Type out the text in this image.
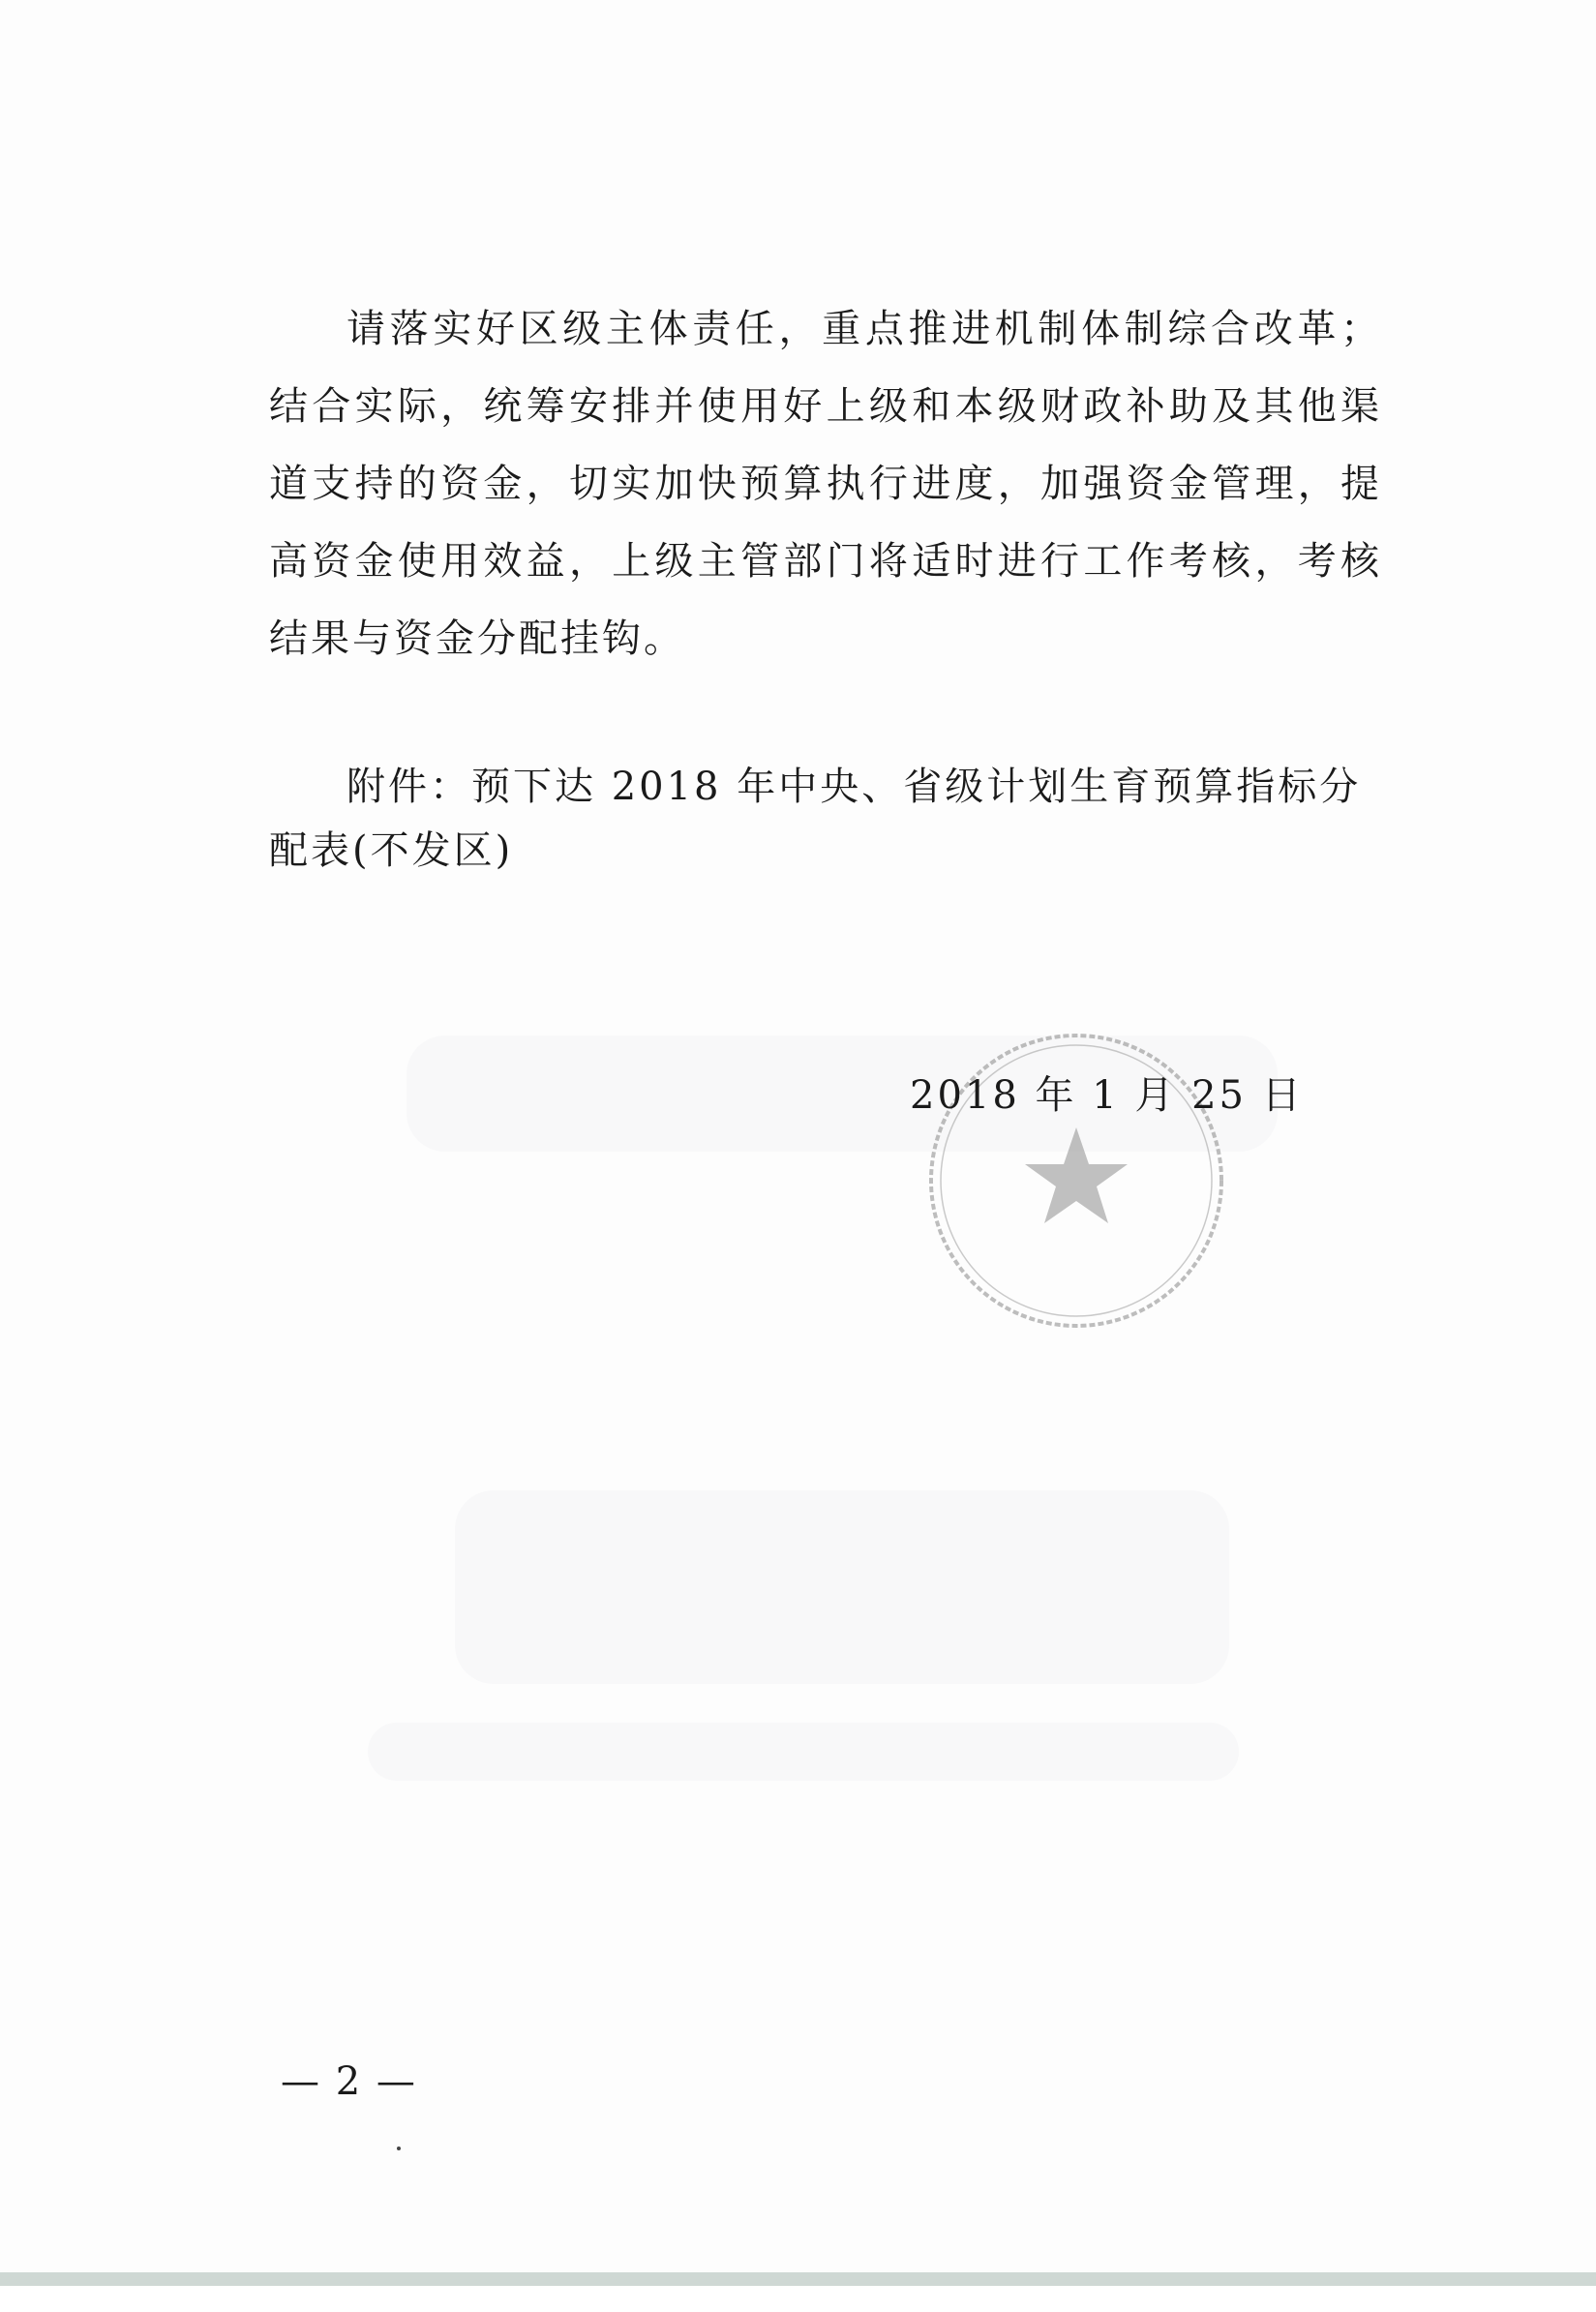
请落实好区级主体责任，重点推进机制体制综合改革；结合实际，统筹安排并使用好上级和本级财政补助及其他渠道支持的资金，切实加快预算执行进度，加强资金管理，提高资金使用效益，上级主管部门将适时进行工作考核，考核结果与资金分配挂钩。

附件：预下达 2018 年中央、省级计划生育预算指标分配表(不发区)

2018 年 1 月 25 日
— 2 —
